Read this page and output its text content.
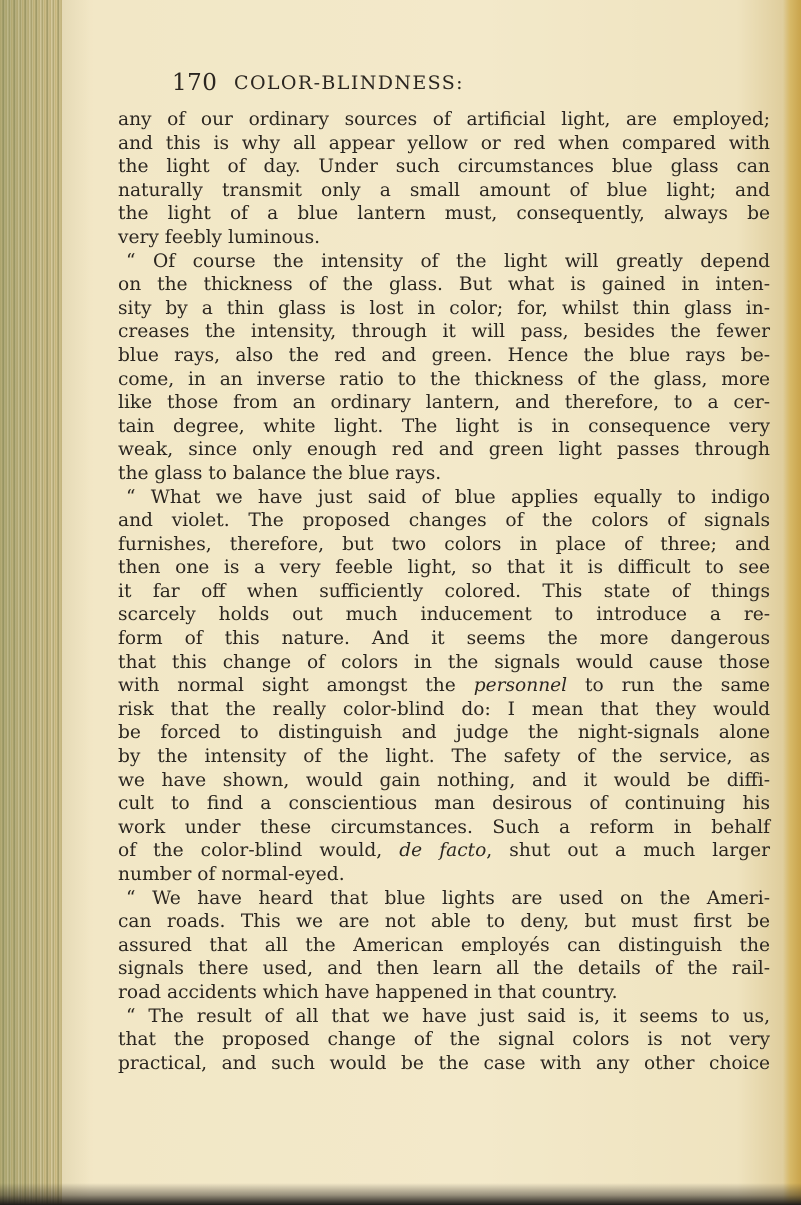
170 COLOR-BLINDNESS:
any of our ordinary sources of artificial light, are employed;
and this is why all appear yellow or red when compared with
the light of day. Under such circumstances blue glass can
naturally transmit only a small amount of blue light; and
the light of a blue lantern must, consequently, always be
very feebly luminous.
“ Of course the intensity of the light will greatly depend
on the thickness of the glass. But what is gained in inten-
sity by a thin glass is lost in color; for, whilst thin glass in-
creases the intensity, through it will pass, besides the fewer
blue rays, also the red and green. Hence the blue rays be-
come, in an inverse ratio to the thickness of the glass, more
like those from an ordinary lantern, and therefore, to a cer-
tain degree, white light. The light is in consequence very
weak, since only enough red and green light passes through
the glass to balance the blue rays.
“ What we have just said of blue applies equally to indigo
and violet. The proposed changes of the colors of signals
furnishes, therefore, but two colors in place of three; and
then one is a very feeble light, so that it is difficult to see
it far off when sufficiently colored. This state of things
scarcely holds out much inducement to introduce a re-
form of this nature. And it seems the more dangerous
that this change of colors in the signals would cause those
with normal sight amongst the personnel to run the same
risk that the really color-blind do: I mean that they would
be forced to distinguish and judge the night-signals alone
by the intensity of the light. The safety of the service, as
we have shown, would gain nothing, and it would be diffi-
cult to find a conscientious man desirous of continuing his
work under these circumstances. Such a reform in behalf
of the color-blind would, de facto, shut out a much larger
number of normal-eyed.
“ We have heard that blue lights are used on the Ameri-
can roads. This we are not able to deny, but must first be
assured that all the American employés can distinguish the
signals there used, and then learn all the details of the rail-
road accidents which have happened in that country.
“ The result of all that we have just said is, it seems to us,
that the proposed change of the signal colors is not very
practical, and such would be the case with any other choice
